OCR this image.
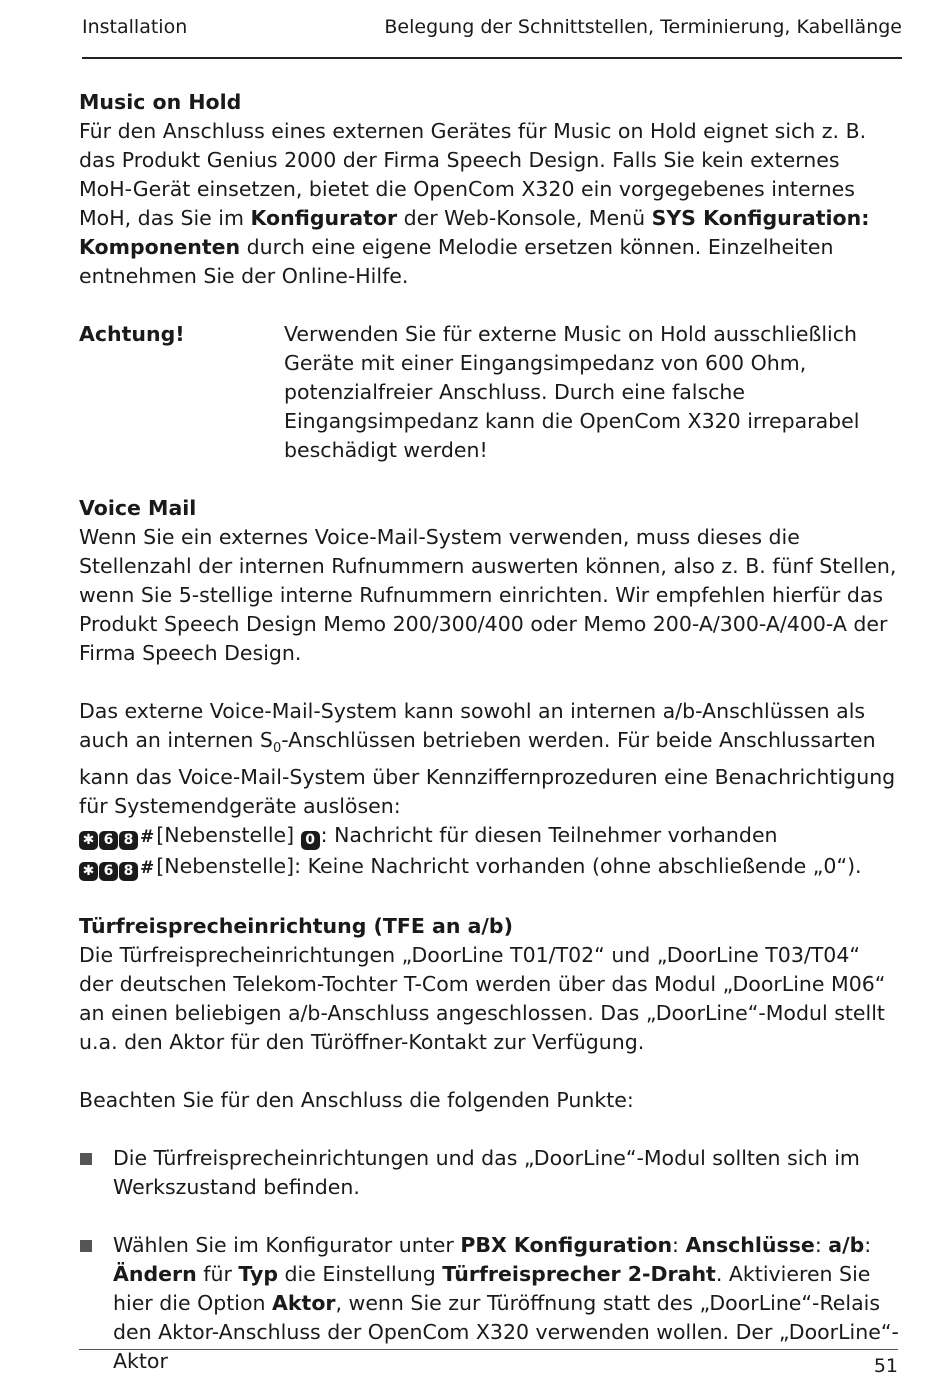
Installation	Belegung der Schnittstellen, Terminierung, Kabellänge

Music on Hold

Für den Anschluss eines externen Gerätes für Music on Hold eignet sich z. B. das Produkt Genius 2000 der Firma Speech Design. Falls Sie kein externes MoH-Gerät einsetzen, bietet die OpenCom X320 ein vorgegebenes internes MoH, das Sie im Konfigurator der Web-Konsole, Menü SYS Konfiguration: Komponenten durch eine eigene Melodie ersetzen können. Einzelheiten entnehmen Sie der Online-Hilfe.

Achtung!	Verwenden Sie für externe Music on Hold ausschließlich Geräte mit einer Eingangsimpedanz von 600 Ohm, potenzialfreier Anschluss. Durch eine falsche Eingangsimpedanz kann die OpenCom X320 irreparabel beschädigt werden!

Voice Mail

Wenn Sie ein externes Voice-Mail-System verwenden, muss dieses die Stellenzahl der internen Rufnummern auswerten können, also z. B. fünf Stellen, wenn Sie 5-stellige interne Rufnummern einrichten. Wir empfehlen hierfür das Produkt Speech Design Memo 200/300/400 oder Memo 200-A/300-A/400-A der Firma Speech Design.

Das externe Voice-Mail-System kann sowohl an internen a/b-Anschlüssen als auch an internen $S_0$-Anschlüssen betrieben werden. Für beide Anschlussarten kann das Voice-Mail-System über Kennziffernprozeduren eine Benachrichtigung für Systemendgeräte auslösen:

✱ 6 8 #[Nebenstelle] 0 : Nachricht für diesen Teilnehmer vorhanden

✱ 6 8 #[Nebenstelle]: Keine Nachricht vorhanden (ohne abschließende „0“).

Türfreisprecheinrichtung (TFE an a/b)

Die Türfreisprecheinrichtungen „DoorLine T01/T02“ und „DoorLine T03/T04“ der deutschen Telekom-Tochter T-Com werden über das Modul „DoorLine M06“ an einen beliebigen a/b-Anschluss angeschlossen. Das „DoorLine“-Modul stellt u.a. den Aktor für den Türöffner-Kontakt zur Verfügung.

Beachten Sie für den Anschluss die folgenden Punkte:

Die Türfreisprecheinrichtungen und das „DoorLine“-Modul sollten sich im Werkszustand befinden.
Wählen Sie im Konfigurator unter PBX Konfiguration: Anschlüsse: a/b: Ändern für Typ die Einstellung Türfreisprecher 2-Draht. Aktivieren Sie hier die Option Aktor, wenn Sie zur Türöffnung statt des „DoorLine“-Relais den Aktor-Anschluss der OpenCom X320 verwenden wollen. Der „DoorLine“-Aktor	51
